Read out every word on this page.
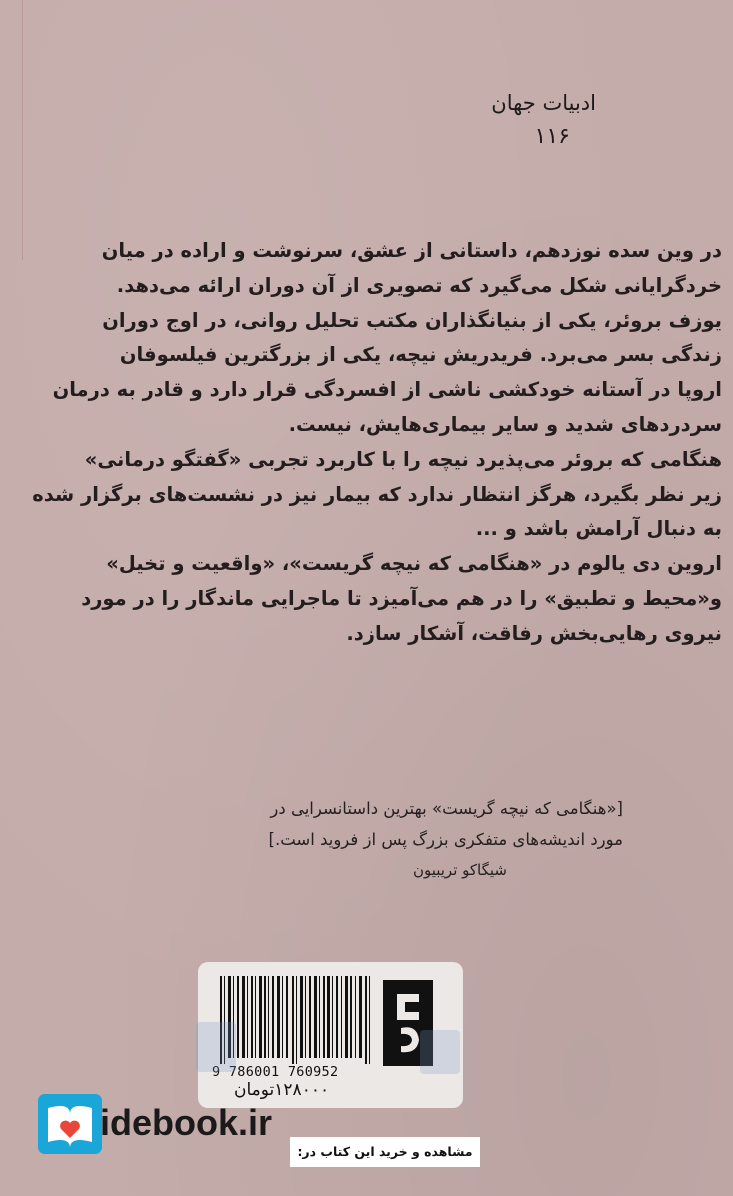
ادبیات جهان
۱۱۶

در وین سده نوزدهم، داستانی از عشق، سرنوشت و اراده در میان

خردگرایانی شکل می‌گیرد که تصویری از آن دوران ارائه می‌دهد.

یوزف بروئر، یکی از بنیانگذاران مکتب تحلیل روانی، در اوج دوران

زندگی بسر می‌برد. فریدریش نیچه، یکی از بزرگترین فیلسوفان

اروپا در آستانه خودکشی ناشی از افسردگی قرار دارد و قادر به درمان

سردردهای شدید و سایر بیماری‌هایش، نیست.

هنگامی که بروئر می‌پذیرد نیچه را با کاربرد تجربی «گفتگو درمانی»

زیر نظر بگیرد، هرگز انتظار ندارد که بیمار نیز در نشست‌های برگزار شده

به دنبال آرامش باشد و ...

اروین دی یالوم در «هنگامی که نیچه گریست»، «واقعیت و تخیل»

و«محیط و تطبیق» را در هم می‌آمیزد تا ماجرایی ماندگار را در مورد

نیروی رهایی‌بخش رفاقت، آشکار سازد.

[«هنگامی که نیچه گریست» بهترین داستانسرایی در

مورد اندیشه‌های متفکری بزرگ پس از فروید است.]

شیگاکو تریبیون

9 786001 760952
۱۲۸۰۰۰تومان
idebook.ir
مشاهده و خرید این کتاب در:
